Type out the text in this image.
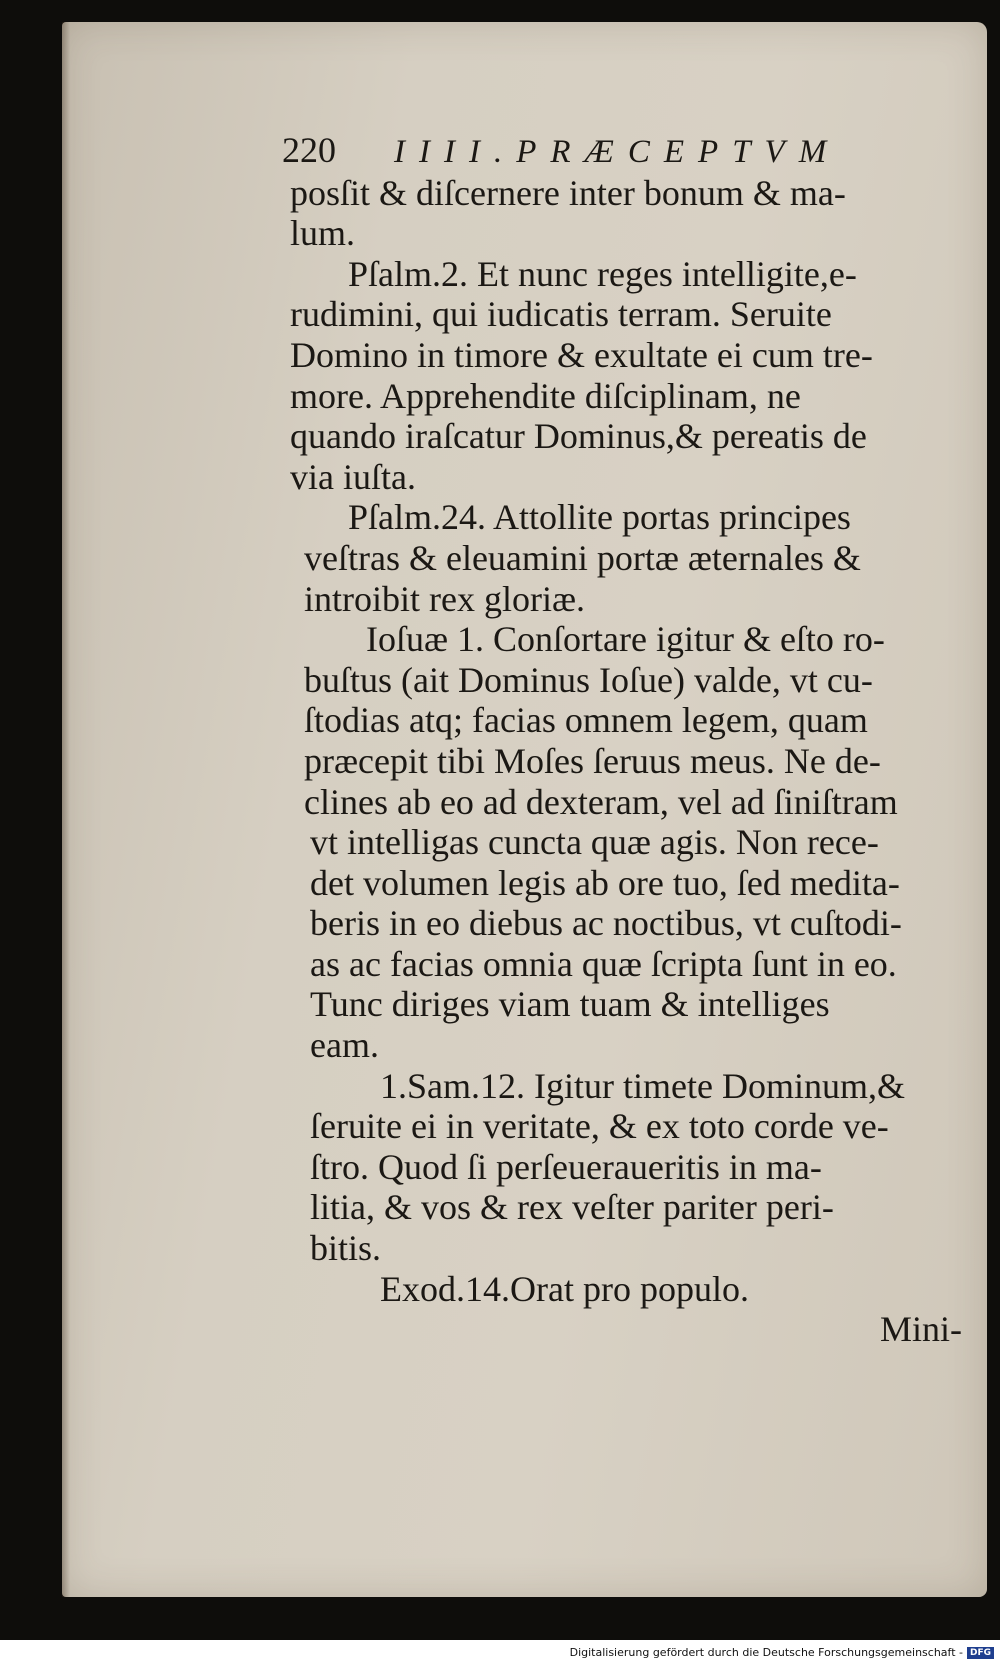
220	IIII.PRÆCEPTVM
posſit & diſcernere inter bonum & ma-
lum.
Pſalm.2. Et nunc reges intelligite,e-
rudimini, qui iudicatis terram. Seruite
Domino in timore & exultate ei cum tre-
more. Apprehendite diſciplinam, ne
quando iraſcatur Dominus,& pereatis de
via iuſta.
Pſalm.24. Attollite portas principes
veſtras & eleuamini portæ æternales &
introibit rex gloriæ.
Ioſuæ 1. Conſortare igitur & eſto ro-
buſtus (ait Dominus Ioſue) valde, vt cu-
ſtodias atq; facias omnem legem, quam
præcepit tibi Moſes ſeruus meus. Ne de-
clines ab eo ad dexteram, vel ad ſiniſtram
vt intelligas cuncta quæ agis. Non rece-
det volumen legis ab ore tuo, ſed medita-
beris in eo diebus ac noctibus, vt cuſtodi-
as ac facias omnia quæ ſcripta ſunt in eo.
Tunc diriges viam tuam & intelliges
eam.
1.Sam.12. Igitur timete Dominum,&
ſeruite ei in veritate, & ex toto corde ve-
ſtro. Quod ſi perſeueraueritis in ma-
litia, & vos & rex veſter pariter peri-
bitis.
Exod.14.Orat pro populo.
Mini-
Digitalisierung gefördert durch die Deutsche Forschungsgemeinschaft - DFG
